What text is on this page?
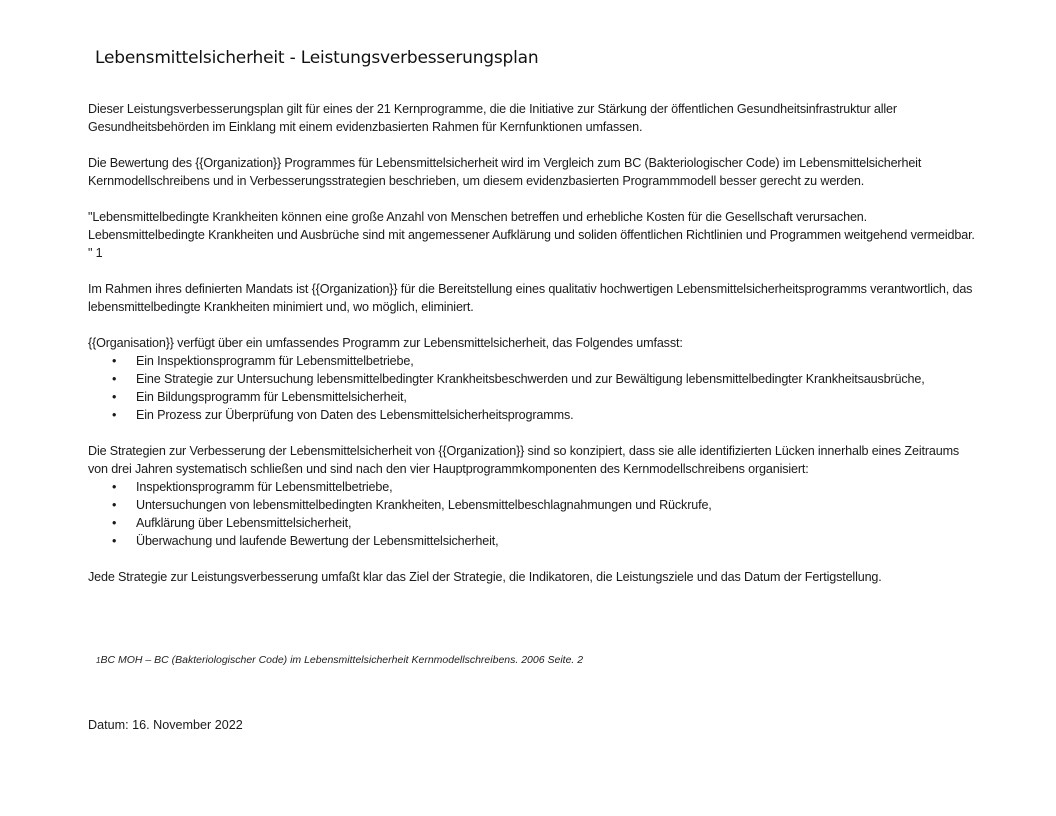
Lebensmittelsicherheit - Leistungsverbesserungsplan

Dieser Leistungsverbesserungsplan gilt für eines der 21 Kernprogramme, die die Initiative zur Stärkung der öffentlichen Gesundheitsinfrastruktur aller Gesundheitsbehörden im Einklang mit einem evidenzbasierten Rahmen für Kernfunktionen umfassen.

Die Bewertung des {{Organization}} Programmes für Lebensmittelsicherheit wird im Vergleich zum BC (Bakteriologischer Code) im Lebensmittelsicherheit Kernmodellschreibens und in Verbesserungsstrategien beschrieben, um diesem evidenzbasierten Programmmodell besser gerecht zu werden.

"Lebensmittelbedingte Krankheiten können eine große Anzahl von Menschen betreffen und erhebliche Kosten für die Gesellschaft verursachen. Lebensmittelbedingte Krankheiten und Ausbrüche sind mit angemessener Aufklärung und soliden öffentlichen Richtlinien und Programmen weitgehend vermeidbar. " 1

Im Rahmen ihres definierten Mandats ist {{Organization}} für die Bereitstellung eines qualitativ hochwertigen Lebensmittelsicherheitsprogramms verantwortlich, das lebensmittelbedingte Krankheiten minimiert und, wo möglich, eliminiert.

{{Organisation}} verfügt über ein umfassendes Programm zur Lebensmittelsicherheit, das Folgendes umfasst:

• Ein Inspektionsprogramm für Lebensmittelbetriebe,
• Eine Strategie zur Untersuchung lebensmittelbedingter Krankheitsbeschwerden und zur Bewältigung lebensmittelbedingter Krankheitsausbrüche,
• Ein Bildungsprogramm für Lebensmittelsicherheit,
• Ein Prozess zur Überprüfung von Daten des Lebensmittelsicherheitsprogramms.

Die Strategien zur Verbesserung der Lebensmittelsicherheit von {{Organization}} sind so konzipiert, dass sie alle identifizierten Lücken innerhalb eines Zeitraums von drei Jahren systematisch schließen und sind nach den vier Hauptprogrammkomponenten des Kernmodellschreibens organisiert:

• Inspektionsprogramm für Lebensmittelbetriebe,
• Untersuchungen von lebensmittelbedingten Krankheiten, Lebensmittelbeschlagnahmungen und Rückrufe,
• Aufklärung über Lebensmittelsicherheit,
• Überwachung und laufende Bewertung der Lebensmittelsicherheit,

Jede Strategie zur Leistungsverbesserung umfaßt klar das Ziel der Strategie, die Indikatoren, die Leistungsziele und das Datum der Fertigstellung.

1BC MOH – BC (Bakteriologischer Code) im Lebensmittelsicherheit Kernmodellschreibens. 2006 Seite. 2
Datum: 16. November 2022
